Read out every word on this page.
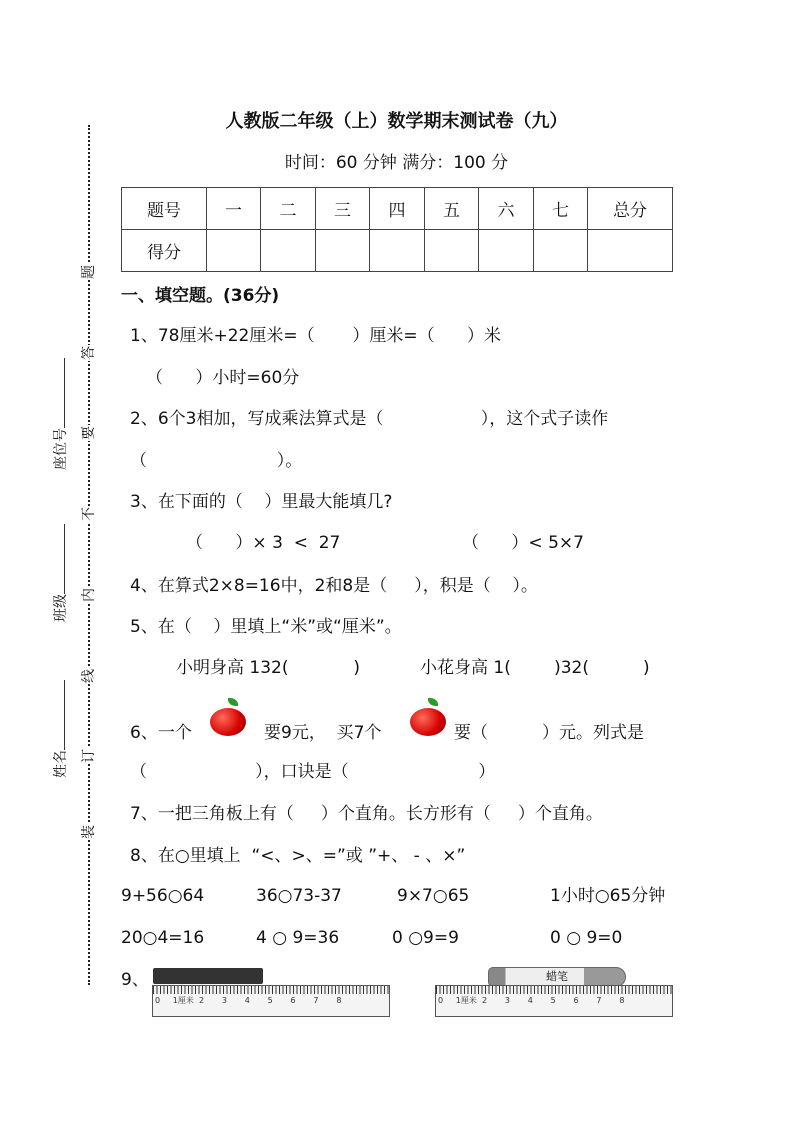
人教版二年级（上）数学期末测试卷（九）
时间：60 分钟 满分：100 分
题号	一	二	三	四	五	六	七	总分
得分								
题
答
要
不
内
线
订
装
座位号
班级
姓名
一、填空题。(36分)
1、78厘米+22厘米=（       ）厘米=（      ）米
（      ）小时=60分
2、6个3相加，写成乘法算式是（                  ），这个式子读作
（                        ）。
3、在下面的（    ）里最大能填几?
（      ）× 3  <  27	（      ）< 5×7
4、在算式2×8=16中，2和8是（     ），积是（    ）。
5、在（    ）里填上“米”或“厘米”。
小明身高 132(            )	小花身高 1(        )32(          )
6、一个	要9元，  买7个	要（          ）元。列式是
（                    ），口诀是（                        ）
7、一把三角板上有（     ）个直角。长方形有（     ）个直角。
8、在○里填上  “<、>、=”或 ”+、 - 、×”
9+56○64	36○73-37	9×7○65	1小时○65分钟
20○4=16	4 ○ 9=36	0 ○9=9	0 ○ 9=0
9、
0     1厘米  2       3       4       5       6       7       8
蜡笔
0     1厘米  2       3       4       5       6       7       8
